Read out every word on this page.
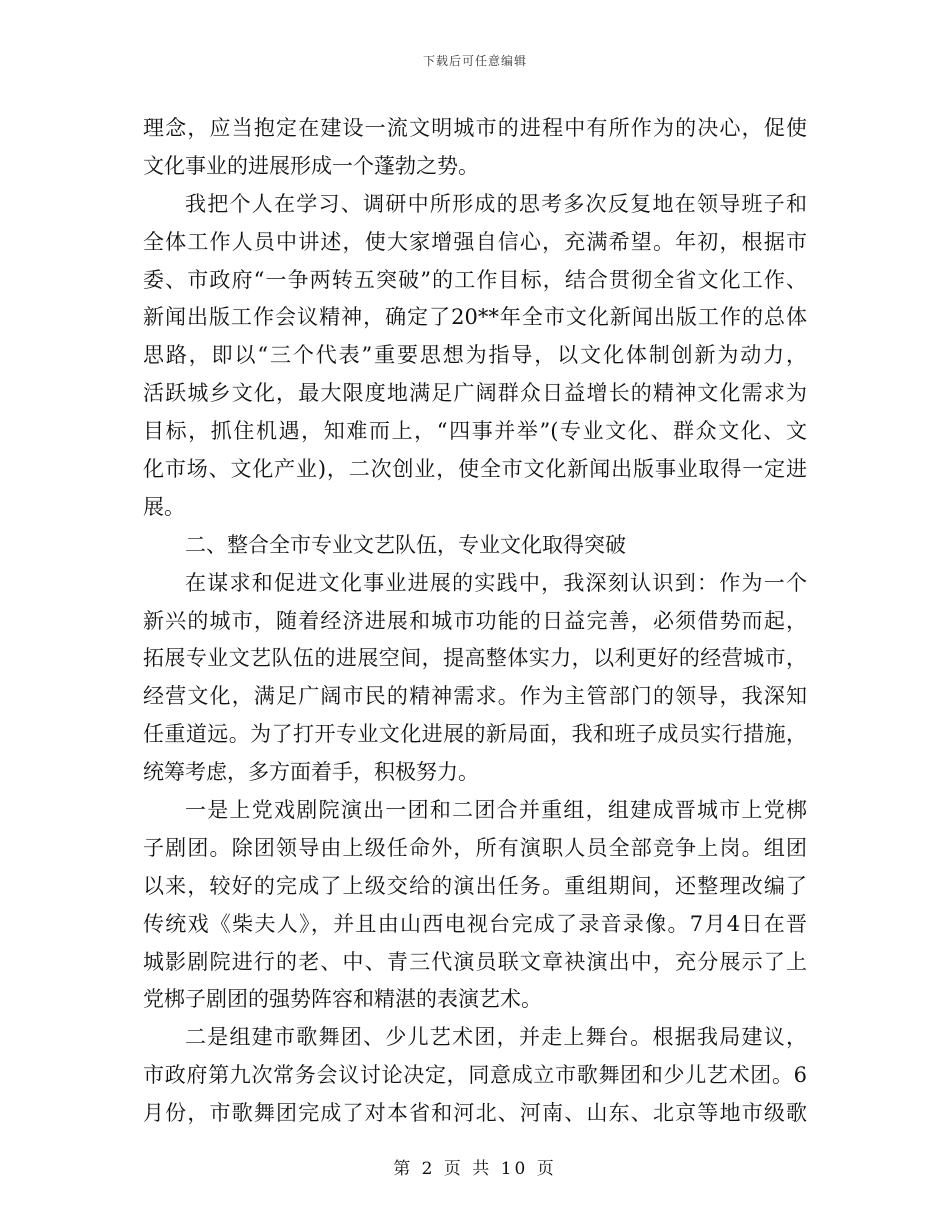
下载后可任意编辑
理念，应当抱定在建设一流文明城市的进程中有所作为的决心，促使
文化事业的进展形成一个蓬勃之势。
我把个人在学习、调研中所形成的思考多次反复地在领导班子和
全体工作人员中讲述，使大家增强自信心，充满希望。年初，根据市
委、市政府“一争两转五突破”的工作目标，结合贯彻全省文化工作、
新闻出版工作会议精神，确定了20**年全市文化新闻出版工作的总体
思路，即以“三个代表”重要思想为指导，以文化体制创新为动力，
活跃城乡文化，最大限度地满足广阔群众日益增长的精神文化需求为
目标，抓住机遇，知难而上，“四事并举”(专业文化、群众文化、文
化市场、文化产业)，二次创业，使全市文化新闻出版事业取得一定进
展。
二、整合全市专业文艺队伍，专业文化取得突破
在谋求和促进文化事业进展的实践中，我深刻认识到：作为一个
新兴的城市，随着经济进展和城市功能的日益完善，必须借势而起，
拓展专业文艺队伍的进展空间，提高整体实力，以利更好的经营城市，
经营文化，满足广阔市民的精神需求。作为主管部门的领导，我深知
任重道远。为了打开专业文化进展的新局面，我和班子成员实行措施，
统筹考虑，多方面着手，积极努力。
一是上党戏剧院演出一团和二团合并重组，组建成晋城市上党梆
子剧团。除团领导由上级任命外，所有演职人员全部竞争上岗。组团
以来，较好的完成了上级交给的演出任务。重组期间，还整理改编了
传统戏《柴夫人》，并且由山西电视台完成了录音录像。7月4日在晋
城影剧院进行的老、中、青三代演员联文章袂演出中，充分展示了上
党梆子剧团的强势阵容和精湛的表演艺术。
二是组建市歌舞团、少儿艺术团，并走上舞台。根据我局建议，
市政府第九次常务会议讨论决定，同意成立市歌舞团和少儿艺术团。6
月份，市歌舞团完成了对本省和河北、河南、山东、北京等地市级歌
第 2 页 共 10 页
